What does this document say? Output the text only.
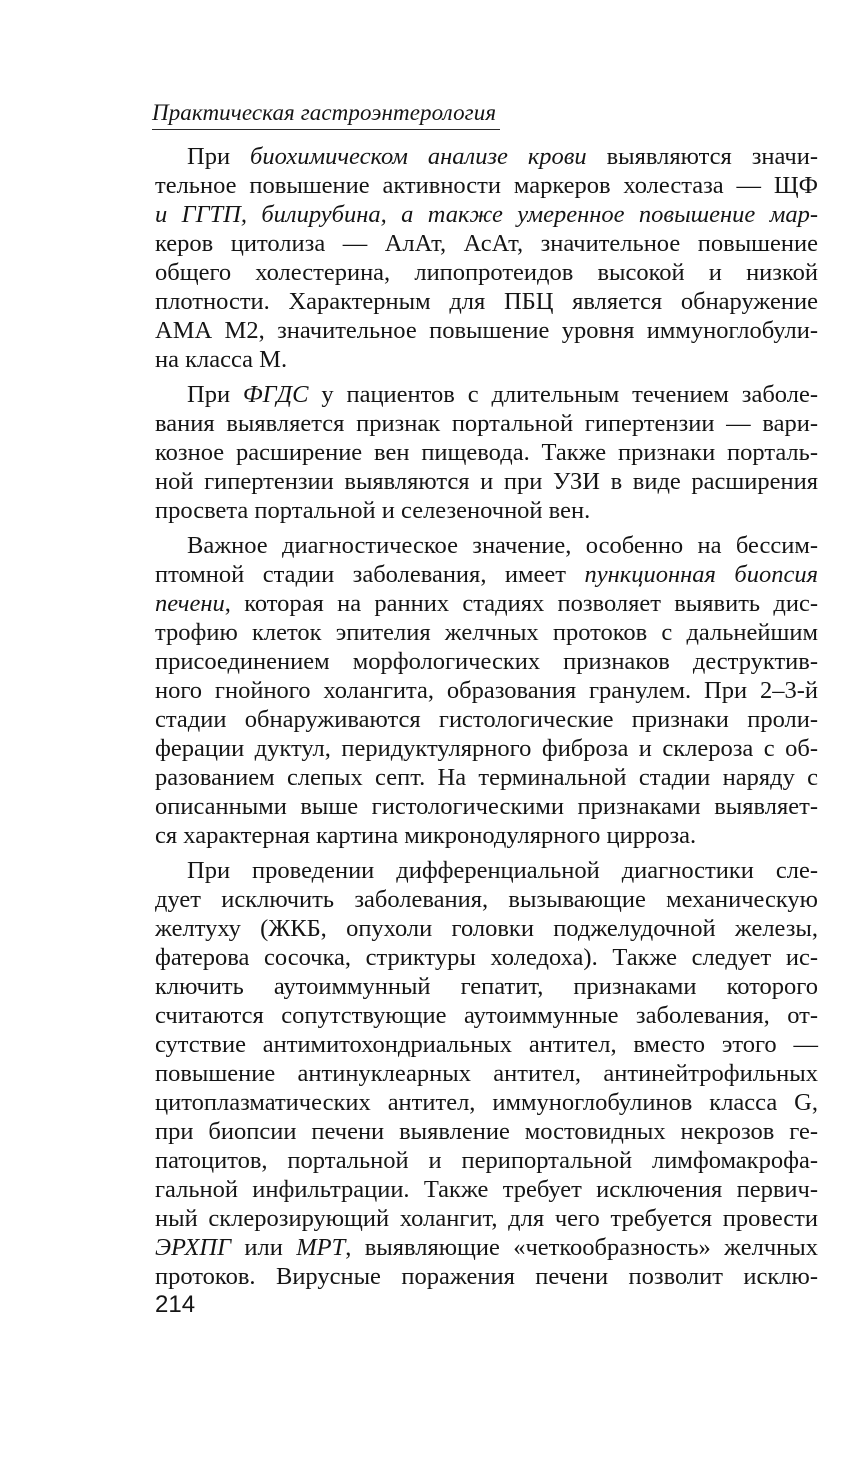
Практическая гастроэнтерология
При биохимическом анализе крови выявляются значи-
тельное повышение активности маркеров холестаза — ЩФ
и ГГТП, билирубина, а также умеренное повышение мар-
керов цитолиза — АлАт, АсАт, значительное повышение
общего холестерина, липопротеидов высокой и низкой
плотности. Характерным для ПБЦ является обнаружение
АМА М2, значительное повышение уровня иммуноглобули-
на класса М.
При ФГДС у пациентов с длительным течением заболе-
вания выявляется признак портальной гипертензии — вари-
козное расширение вен пищевода. Также признаки порталь-
ной гипертензии выявляются и при УЗИ в виде расширения
просвета портальной и селезеночной вен.
Важное диагностическое значение, особенно на бессим-
птомной стадии заболевания, имеет пункционная биопсия
печени, которая на ранних стадиях позволяет выявить дис-
трофию клеток эпителия желчных протоков с дальнейшим
присоединением морфологических признаков деструктив-
ного гнойного холангита, образования гранулем. При 2–3-й
стадии обнаруживаются гистологические признаки проли-
ферации дуктул, перидуктулярного фиброза и склероза с об-
разованием слепых септ. На терминальной стадии наряду с
описанными выше гистологическими признаками выявляет-
ся характерная картина микронодулярного цирроза.
При проведении дифференциальной диагностики сле-
дует исключить заболевания, вызывающие механическую
желтуху (ЖКБ, опухоли головки поджелудочной железы,
фатерова сосочка, стриктуры холедоха). Также следует ис-
ключить аутоиммунный гепатит, признаками которого
считаются сопутствующие аутоиммунные заболевания, от-
сутствие антимитохондриальных антител, вместо этого —
повышение антинуклеарных антител, антинейтрофильных
цитоплазматических антител, иммуноглобулинов класса G,
при биопсии печени выявление мостовидных некрозов ге-
патоцитов, портальной и перипортальной лимфомакрофа-
гальной инфильтрации. Также требует исключения первич-
ный склерозирующий холангит, для чего требуется провести
ЭРХПГ или МРТ, выявляющие «четкообразность» желчных
протоков. Вирусные поражения печени позволит исклю-
214
